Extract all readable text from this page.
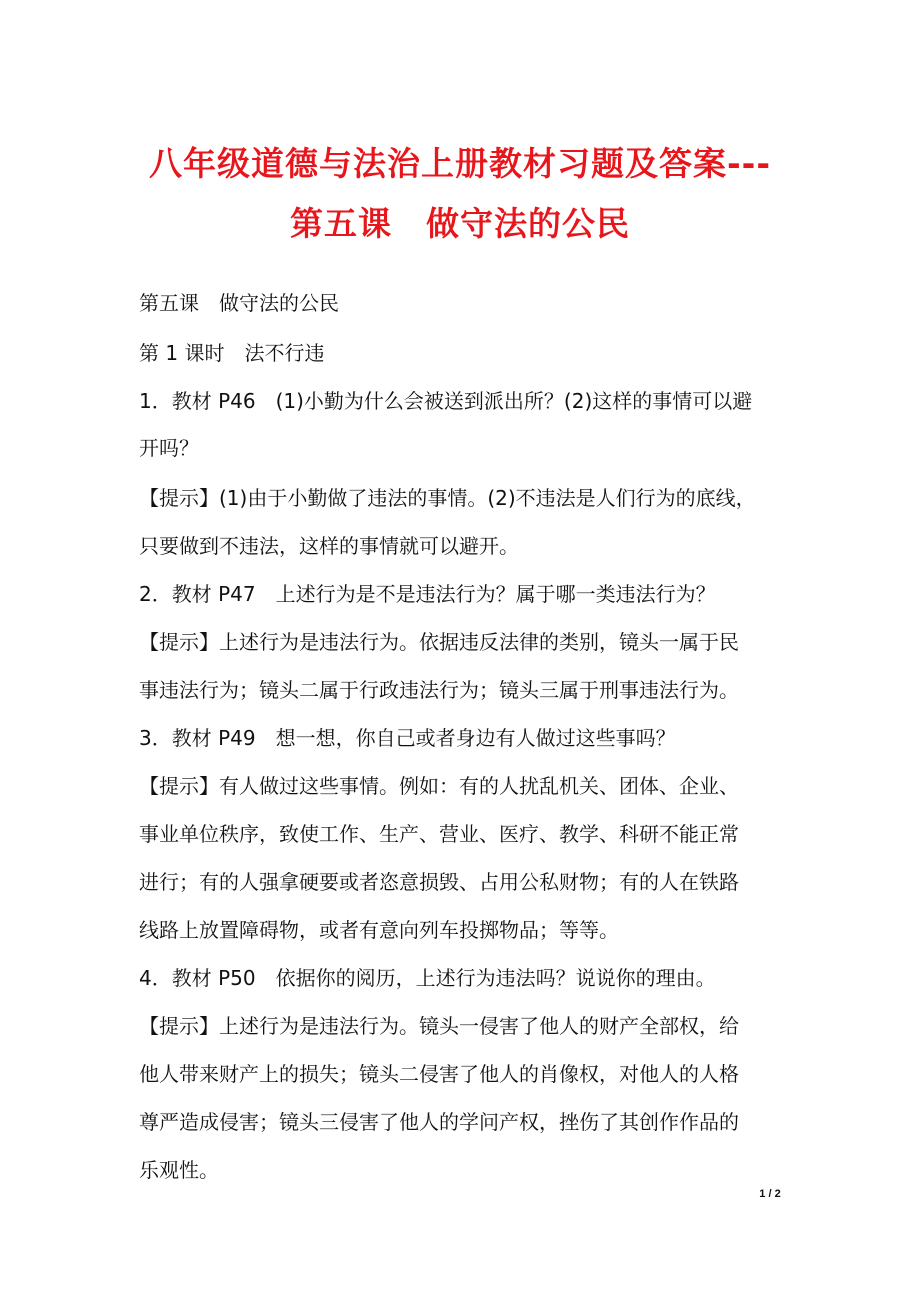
八年级道德与法治上册教材习题及答案---
第五课　做守法的公民
第五课　做守法的公民
第 1 课时　法不行违
1．教材 P46　(1)小勤为什么会被送到派出所？(2)这样的事情可以避
开吗？
【提示】(1)由于小勤做了违法的事情。(2)不违法是人们行为的底线，
只要做到不违法，这样的事情就可以避开。
2．教材 P47　上述行为是不是违法行为？属于哪一类违法行为？
【提示】上述行为是违法行为。依据违反法律的类别，镜头一属于民
事违法行为；镜头二属于行政违法行为；镜头三属于刑事违法行为。
3．教材 P49　想一想，你自己或者身边有人做过这些事吗？
【提示】有人做过这些事情。例如：有的人扰乱机关、团体、企业、
事业单位秩序，致使工作、生产、营业、医疗、教学、科研不能正常
进行；有的人强拿硬要或者恣意损毁、占用公私财物；有的人在铁路
线路上放置障碍物，或者有意向列车投掷物品；等等。
4．教材 P50　依据你的阅历，上述行为违法吗？说说你的理由。
【提示】上述行为是违法行为。镜头一侵害了他人的财产全部权，给
他人带来财产上的损失；镜头二侵害了他人的肖像权，对他人的人格
尊严造成侵害；镜头三侵害了他人的学问产权，挫伤了其创作作品的
乐观性。
1 / 2
